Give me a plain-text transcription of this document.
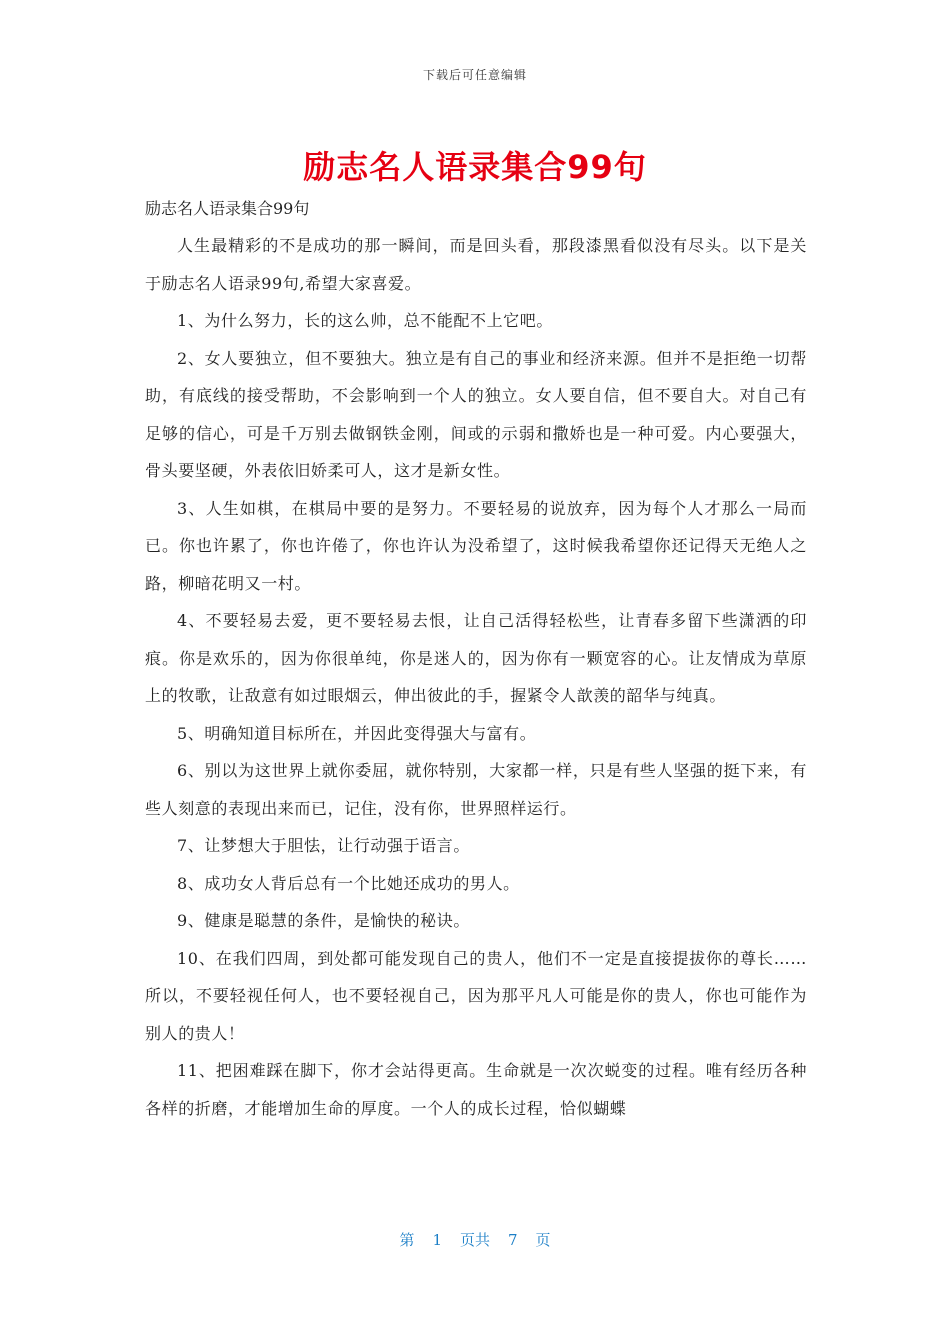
下载后可任意编辑
励志名人语录集合99句

励志名人语录集合99句

人生最精彩的不是成功的那一瞬间，而是回头看，那段漆黑看似没有尽头。以下是关于励志名人语录99句,希望大家喜爱。

1、为什么努力，长的这么帅，总不能配不上它吧。

2、女人要独立，但不要独大。独立是有自己的事业和经济来源。但并不是拒绝一切帮助，有底线的接受帮助，不会影响到一个人的独立。女人要自信，但不要自大。对自己有足够的信心，可是千万别去做钢铁金刚，间或的示弱和撒娇也是一种可爱。内心要强大，骨头要坚硬，外表依旧娇柔可人，这才是新女性。

3、人生如棋，在棋局中要的是努力。不要轻易的说放弃，因为每个人才那么一局而已。你也许累了，你也许倦了，你也许认为没希望了，这时候我希望你还记得天无绝人之路，柳暗花明又一村。

4、不要轻易去爱，更不要轻易去恨，让自己活得轻松些，让青春多留下些潇洒的印痕。你是欢乐的，因为你很单纯，你是迷人的，因为你有一颗宽容的心。让友情成为草原上的牧歌，让敌意有如过眼烟云，伸出彼此的手，握紧令人歆羡的韶华与纯真。

5、明确知道目标所在，并因此变得强大与富有。

6、别以为这世界上就你委屈，就你特别，大家都一样，只是有些人坚强的挺下来，有些人刻意的表现出来而已，记住，没有你，世界照样运行。

7、让梦想大于胆怯，让行动强于语言。

8、成功女人背后总有一个比她还成功的男人。

9、健康是聪慧的条件，是愉快的秘诀。

10、在我们四周，到处都可能发现自己的贵人，他们不一定是直接提拔你的尊长……所以，不要轻视任何人，也不要轻视自己，因为那平凡人可能是你的贵人，你也可能作为别人的贵人！

11、把困难踩在脚下，你才会站得更高。生命就是一次次蜕变的过程。唯有经历各种各样的折磨，才能增加生命的厚度。一个人的成长过程，恰似蝴蝶

第 1 页共 7 页
